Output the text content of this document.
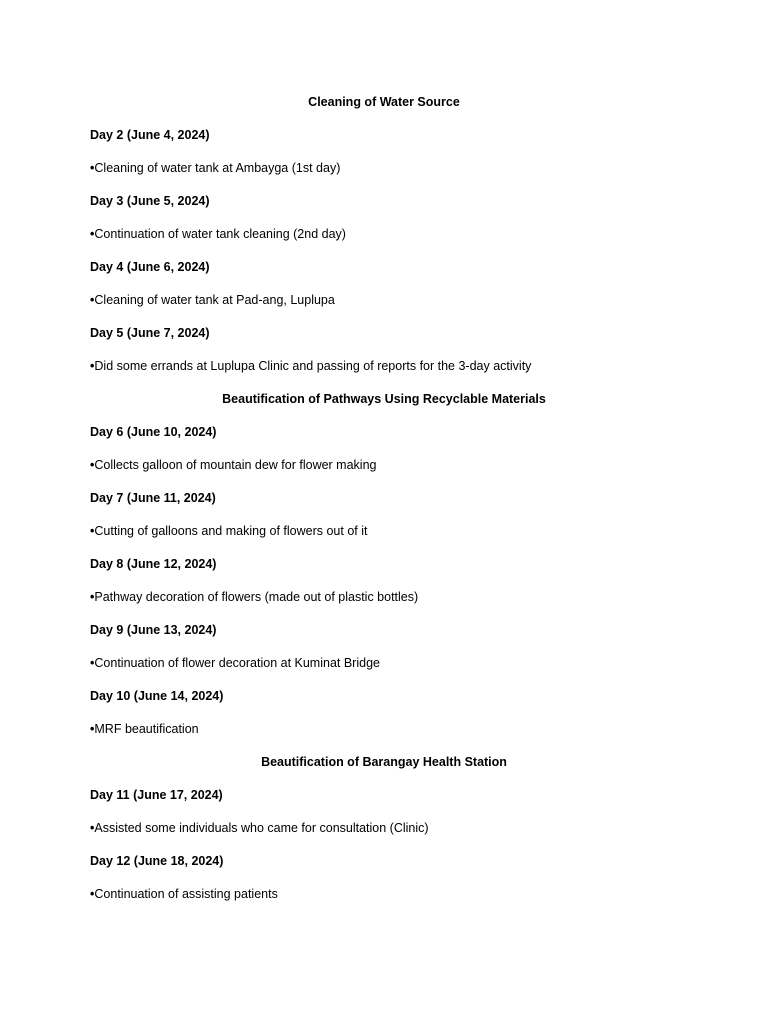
Cleaning of Water Source
Day 2 (June 4, 2024)
•Cleaning of water tank at Ambayga (1st day)
Day 3 (June 5, 2024)
•Continuation of water tank cleaning (2nd day)
Day 4 (June 6, 2024)
•Cleaning of water tank at Pad-ang, Luplupa
Day 5 (June 7, 2024)
•Did some errands at Luplupa Clinic and passing of reports for the 3-day activity
Beautification of Pathways Using Recyclable Materials
Day 6 (June 10, 2024)
•Collects galloon of mountain dew for flower making
Day 7 (June 11, 2024)
•Cutting of galloons and making of flowers out of it
Day 8 (June 12, 2024)
•Pathway decoration of flowers (made out of plastic bottles)
Day 9 (June 13, 2024)
•Continuation of flower decoration at Kuminat Bridge
Day 10 (June 14, 2024)
•MRF beautification
Beautification of Barangay Health Station
Day 11 (June 17, 2024)
•Assisted some individuals who came for consultation (Clinic)
Day 12 (June 18, 2024)
•Continuation of assisting patients
